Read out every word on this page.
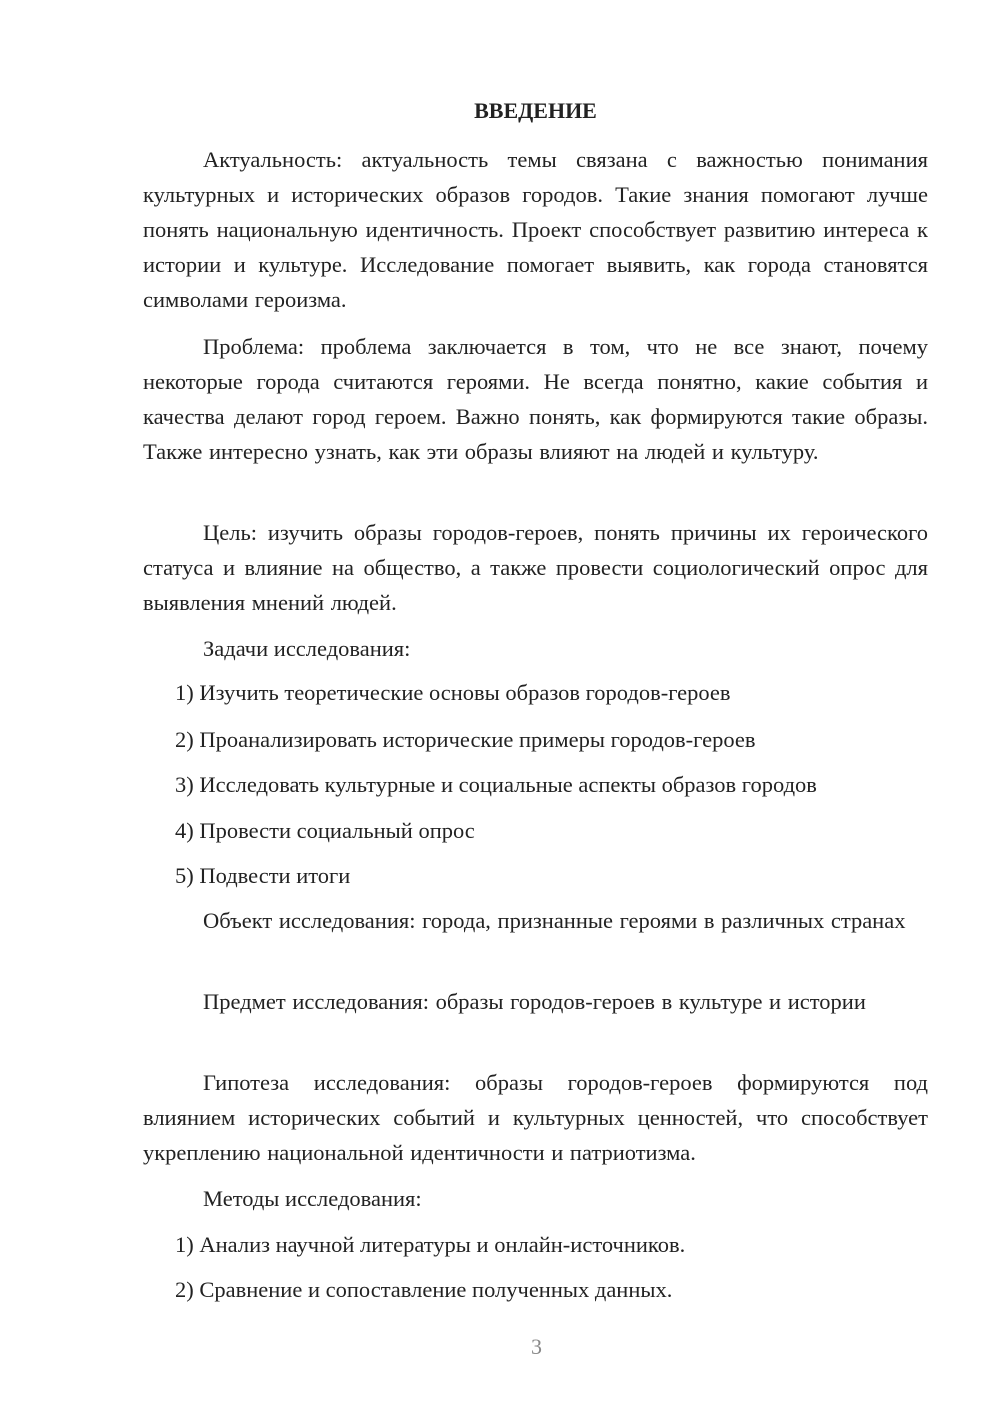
ВВЕДЕНИЕ

Актуальность: актуальность темы связана с важностью понимания культурных и исторических образов городов. Такие знания помогают лучше понять национальную идентичность. Проект способствует развитию интереса к истории и культуре. Исследование помогает выявить, как города становятся символами героизма.

Проблема: проблема заключается в том, что не все знают, почему некоторые города считаются героями. Не всегда понятно, какие события и качества делают город героем. Важно понять, как формируются такие образы. Также интересно узнать, как эти образы влияют на людей и культуру.

Цель: изучить образы городов-героев, понять причины их героического статуса и влияние на общество, а также провести социологический опрос для выявления мнений людей.

Задачи исследования:

1) Изучить теоретические основы образов городов-героев

2) Проанализировать исторические примеры городов-героев

3) Исследовать культурные и социальные аспекты образов городов

4) Провести социальный опрос

5) Подвести итоги

Объект исследования: города, признанные героями в различных странах

Предмет исследования: образы городов-героев в культуре и истории

Гипотеза исследования: образы городов-героев формируются под влиянием исторических событий и культурных ценностей, что способствует укреплению национальной идентичности и патриотизма.

Методы исследования:

1) Анализ научной литературы и онлайн-источников.

2) Сравнение и сопоставление полученных данных.

3
